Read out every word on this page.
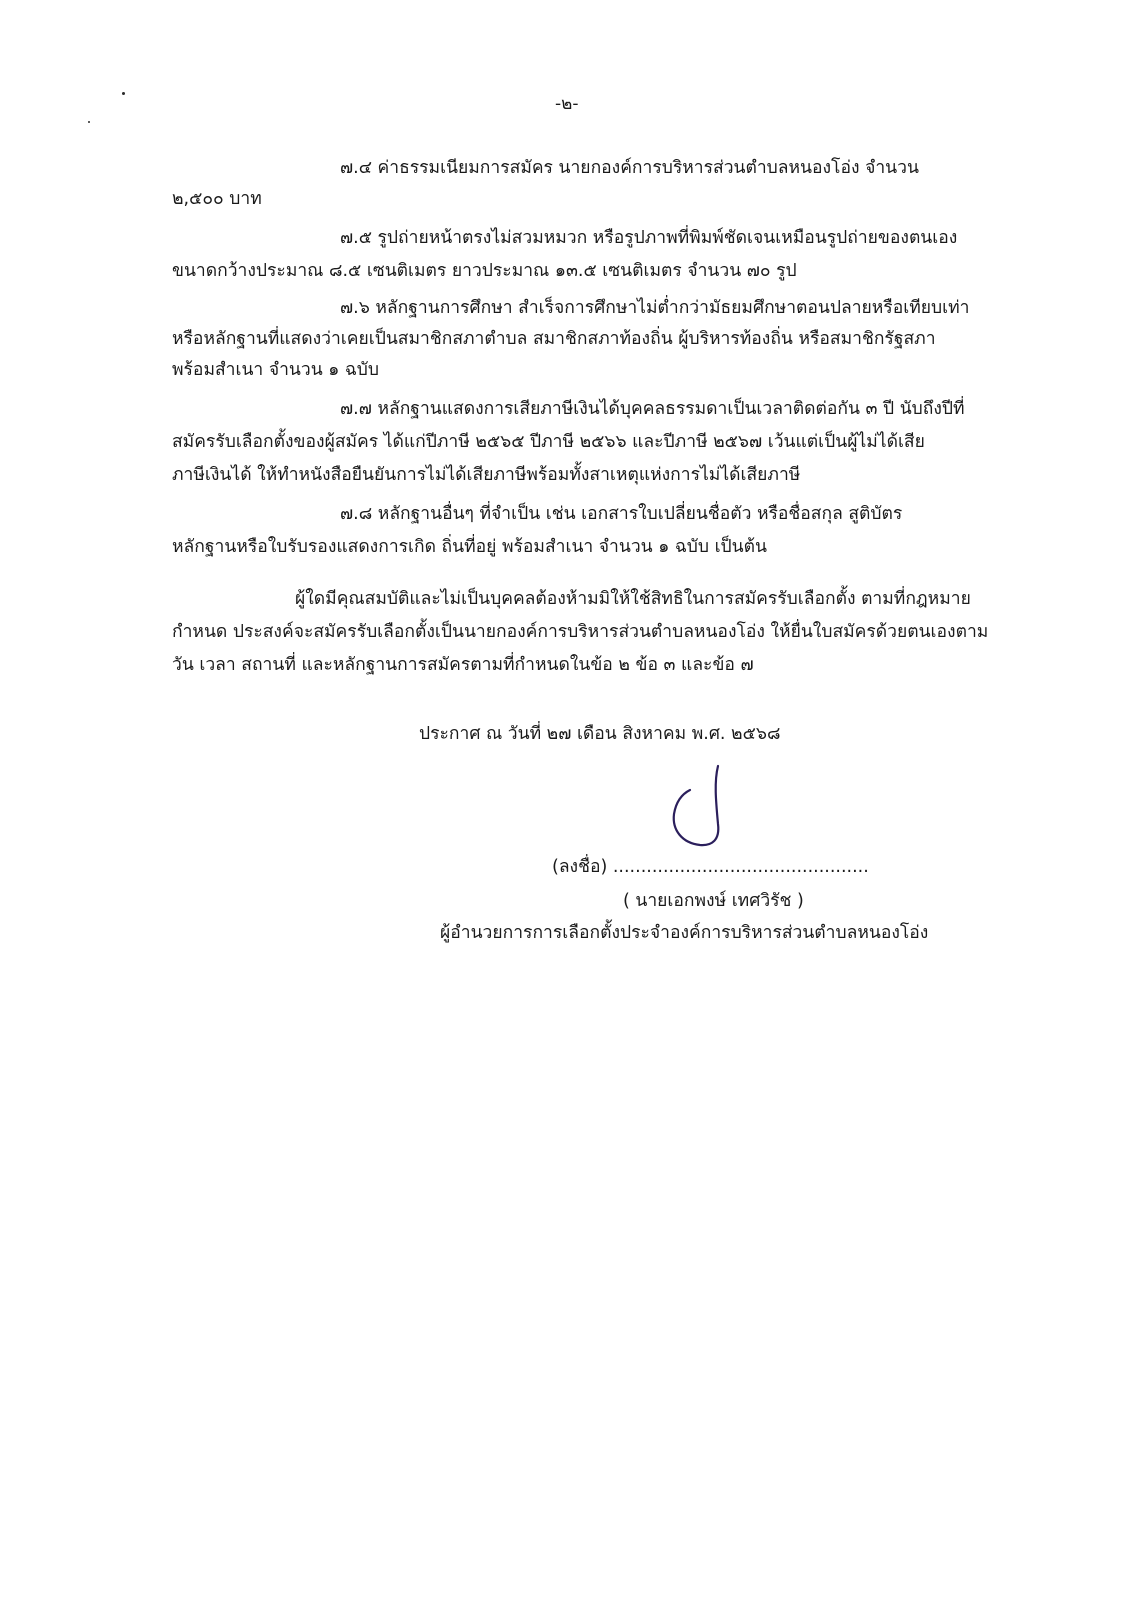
-๒-
๗.๔ ค่าธรรมเนียมการสมัคร นายกองค์การบริหารส่วนตำบลหนองโอ่ง จำนวน
๒,๕๐๐ บาท
๗.๕ รูปถ่ายหน้าตรงไม่สวมหมวก หรือรูปภาพที่พิมพ์ชัดเจนเหมือนรูปถ่ายของตนเอง
ขนาดกว้างประมาณ ๘.๕ เซนติเมตร ยาวประมาณ ๑๓.๕ เซนติเมตร จำนวน ๗๐ รูป
๗.๖ หลักฐานการศึกษา สำเร็จการศึกษาไม่ต่ำกว่ามัธยมศึกษาตอนปลายหรือเทียบเท่า
หรือหลักฐานที่แสดงว่าเคยเป็นสมาชิกสภาตำบล สมาชิกสภาท้องถิ่น ผู้บริหารท้องถิ่น หรือสมาชิกรัฐสภา
พร้อมสำเนา จำนวน ๑ ฉบับ
๗.๗ หลักฐานแสดงการเสียภาษีเงินได้บุคคลธรรมดาเป็นเวลาติดต่อกัน ๓ ปี นับถึงปีที่
สมัครรับเลือกตั้งของผู้สมัคร ได้แก่ปีภาษี ๒๕๖๕ ปีภาษี ๒๕๖๖ และปีภาษี ๒๕๖๗ เว้นแต่เป็นผู้ไม่ได้เสีย
ภาษีเงินได้ ให้ทำหนังสือยืนยันการไม่ได้เสียภาษีพร้อมทั้งสาเหตุแห่งการไม่ได้เสียภาษี
๗.๘ หลักฐานอื่นๆ ที่จำเป็น เช่น เอกสารใบเปลี่ยนชื่อตัว หรือชื่อสกุล สูติบัตร
หลักฐานหรือใบรับรองแสดงการเกิด ถิ่นที่อยู่ พร้อมสำเนา จำนวน ๑ ฉบับ เป็นต้น
ผู้ใดมีคุณสมบัติและไม่เป็นบุคคลต้องห้ามมิให้ใช้สิทธิในการสมัครรับเลือกตั้ง ตามที่กฎหมาย
กำหนด ประสงค์จะสมัครรับเลือกตั้งเป็นนายกองค์การบริหารส่วนตำบลหนองโอ่ง ให้ยื่นใบสมัครด้วยตนเองตาม
วัน เวลา สถานที่ และหลักฐานการสมัครตามที่กำหนดในข้อ ๒ ข้อ ๓ และข้อ ๗
ประกาศ ณ วันที่ ๒๗ เดือน สิงหาคม พ.ศ. ๒๕๖๘
(ลงชื่อ) ..............................................
( นายเอกพงษ์ เทศวิรัช )
ผู้อำนวยการการเลือกตั้งประจำองค์การบริหารส่วนตำบลหนองโอ่ง
